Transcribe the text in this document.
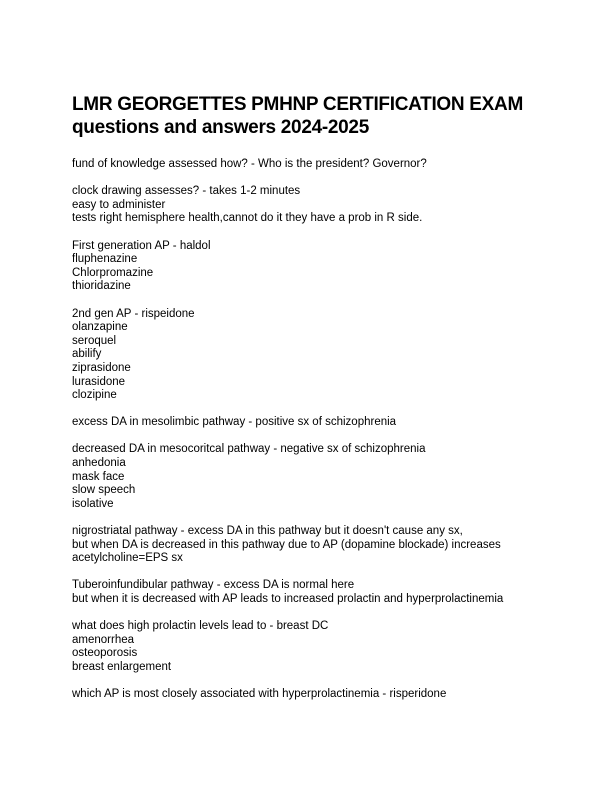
LMR GEORGETTES PMHNP CERTIFICATION EXAM
questions and answers 2024-2025
fund of knowledge assessed how? - Who is the president? Governor?
clock drawing assesses? - takes 1-2 minutes
easy to administer
tests right hemisphere health,cannot do it they have a prob in R side.
First generation AP - haldol
fluphenazine
Chlorpromazine
thioridazine
2nd gen AP - rispeidone
olanzapine
seroquel
abilify
ziprasidone
lurasidone
clozipine
excess DA in mesolimbic pathway - positive sx of schizophrenia
decreased DA in mesocoritcal pathway - negative sx of schizophrenia
anhedonia
mask face
slow speech
isolative
nigrostriatal pathway - excess DA in this pathway but it doesn't cause any sx,
but when DA is decreased in this pathway due to AP (dopamine blockade) increases
acetylcholine=EPS sx
Tuberoinfundibular pathway - excess DA is normal here
but when it is decreased with AP leads to increased prolactin and hyperprolactinemia
what does high prolactin levels lead to - breast DC
amenorrhea
osteoporosis
breast enlargement
which AP is most closely associated with hyperprolactinemia - risperidone
